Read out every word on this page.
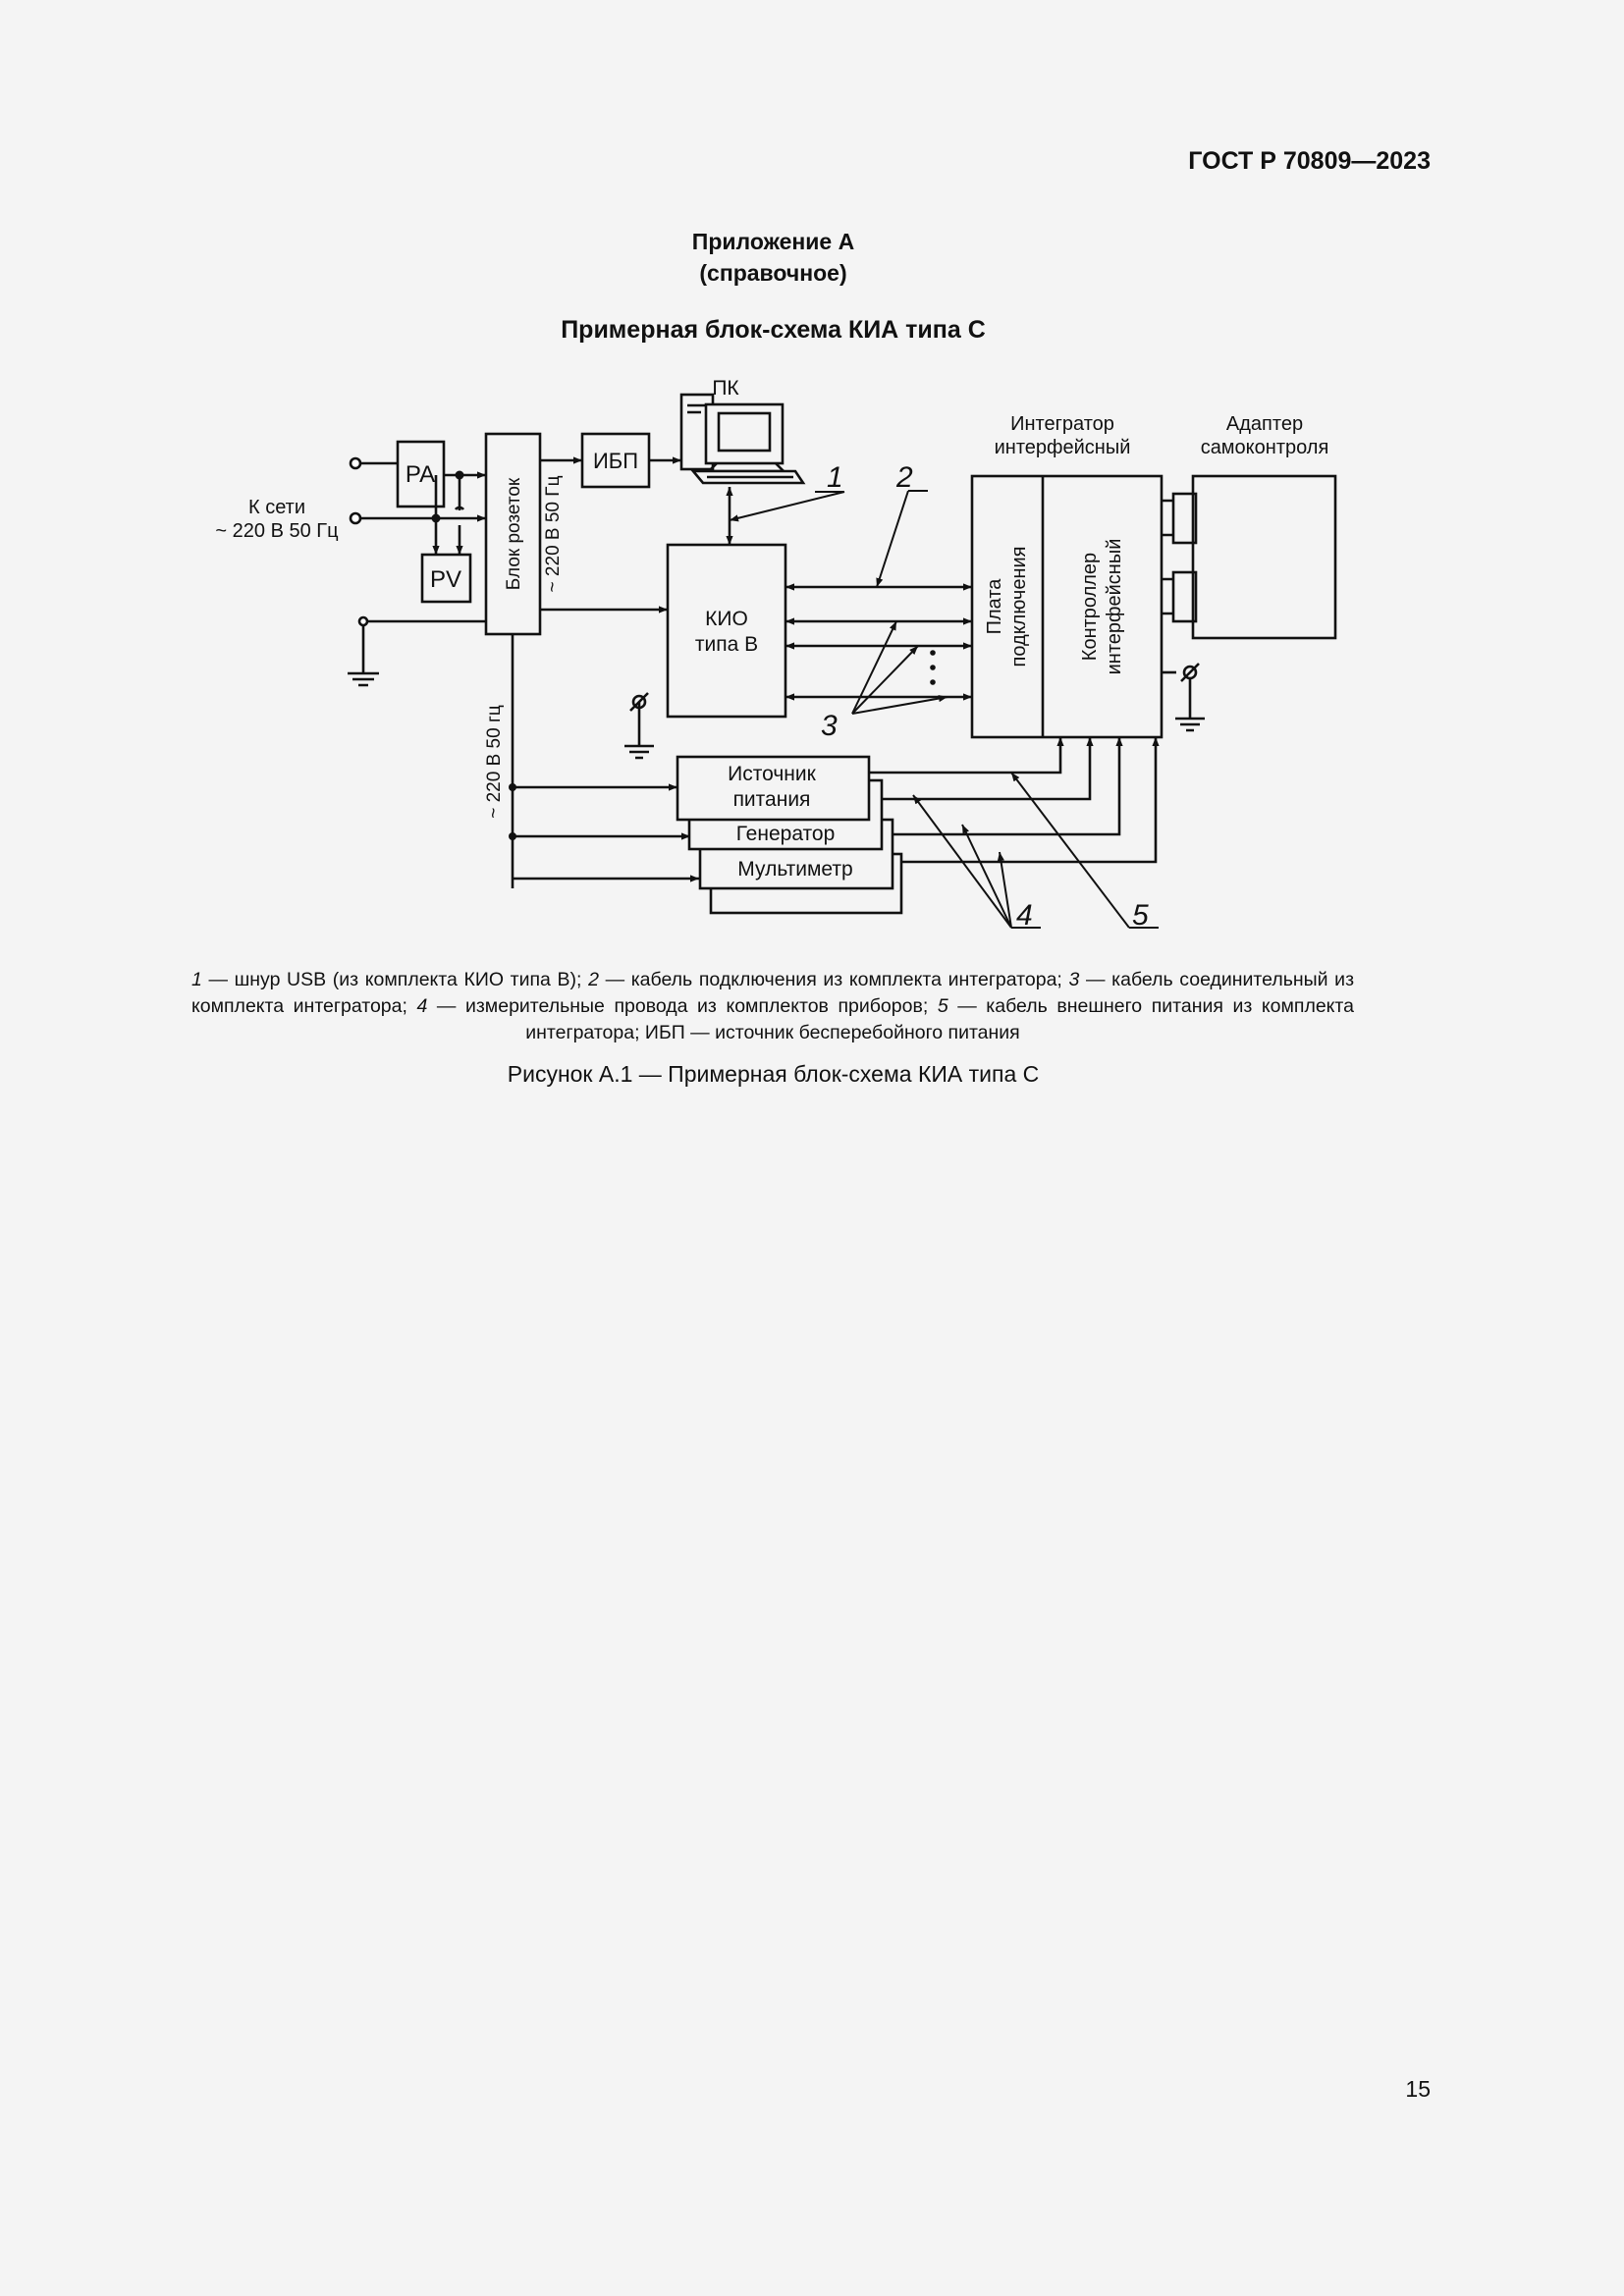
ГОСТ Р 70809—2023
Приложение А
(справочное)
Примерная блок-схема КИА типа С
ПК
ИБП
PA
PV
К сети
~ 220 В 50 Гц	Блок розеток ~ 220 В 50 Гц
~ 220 В 50 гц
КИО
типа В
Интегратор
интерфейсный
Адаптер
самоконтроля
Плата подключения	Контроллер интерфейсный
Источник
питания
Генератор
Мультиметр
1 2
3
4	5
1 — шнур USB (из комплекта КИО типа В); 2 — кабель подключения из комплекта интегратора; 3 — кабель соединительный из комплекта интегратора; 4 — измерительные провода из комплектов приборов; 5 — кабель внешнего питания из комплекта интегратора; ИБП — источник бесперебойного питания
Рисунок А.1 — Примерная блок-схема КИА типа С
15
